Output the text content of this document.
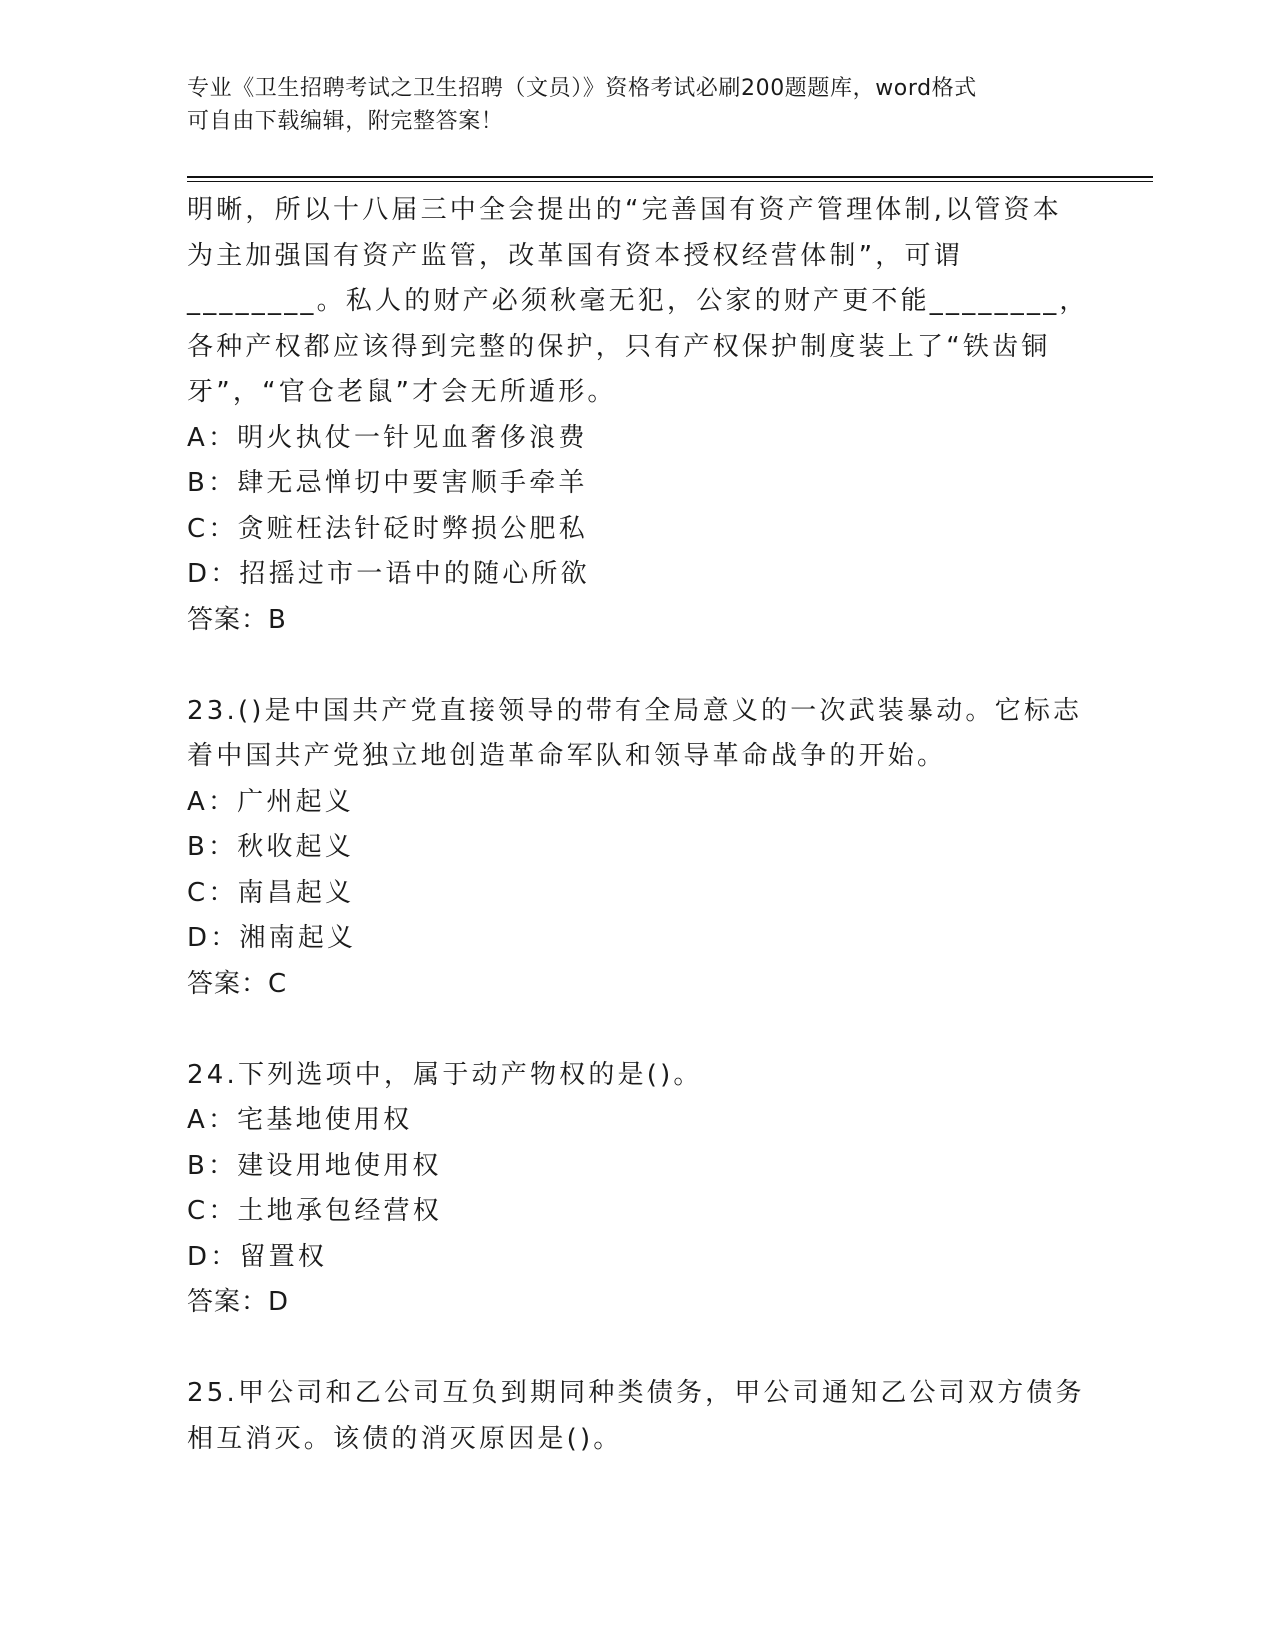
专业《卫生招聘考试之卫生招聘（文员）》资格考试必刷200题题库，word格式
可自由下载编辑，附完整答案！

明晰，所以十八届三中全会提出的“完善国有资产管理体制,以管资本
为主加强国有资产监管，改革国有资本授权经营体制”，可谓
________。私人的财产必须秋毫无犯，公家的财产更不能________，
各种产权都应该得到完整的保护，只有产权保护制度装上了“铁齿铜
牙”，“官仓老鼠”才会无所遁形。

A：明火执仗一针见血奢侈浪费

B：肆无忌惮切中要害顺手牵羊

C：贪赃枉法针砭时弊损公肥私

D：招摇过市一语中的随心所欲

答案：B

23.()是中国共产党直接领导的带有全局意义的一次武装暴动。它标志
着中国共产党独立地创造革命军队和领导革命战争的开始。

A：广州起义

B：秋收起义

C：南昌起义

D：湘南起义

答案：C

24.下列选项中，属于动产物权的是()。

A：宅基地使用权

B：建设用地使用权

C：土地承包经营权

D：留置权

答案：D

25.甲公司和乙公司互负到期同种类债务，甲公司通知乙公司双方债务
相互消灭。该债的消灭原因是()。
